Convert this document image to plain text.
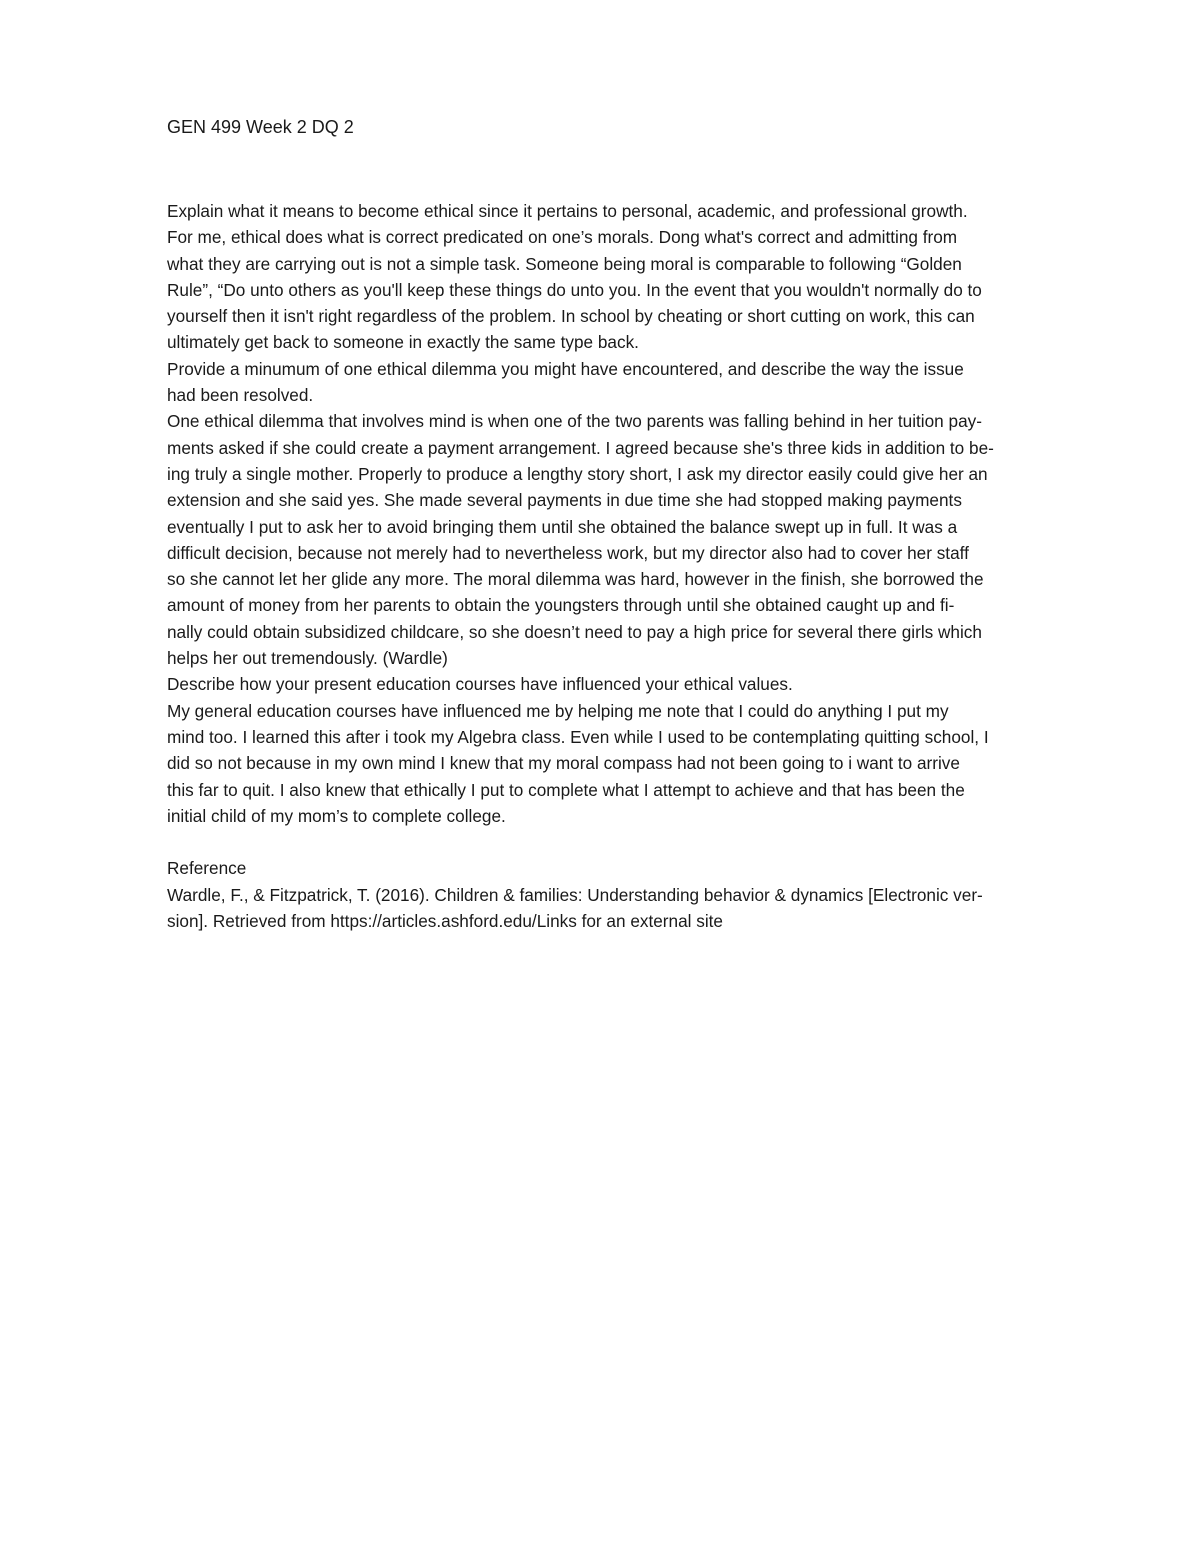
GEN 499 Week 2 DQ 2

Explain what it means to become ethical since it pertains to personal, academic, and professional growth.

For me, ethical does what is correct predicated on one’s morals. Dong what's correct and admitting from

what they are carrying out is not a simple task. Someone being moral is comparable to following “Golden

Rule”, “Do unto others as you'll keep these things do unto you. In the event that you wouldn't normally do to

yourself then it isn't right regardless of the problem. In school by cheating or short cutting on work, this can

ultimately get back to someone in exactly the same type back.

Provide a minumum of one ethical dilemma you might have encountered, and describe the way the issue

had been resolved.

One ethical dilemma that involves mind is when one of the two parents was falling behind in her tuition pay-

ments asked if she could create a payment arrangement. I agreed because she's three kids in addition to be-

ing truly a single mother. Properly to produce a lengthy story short, I ask my director easily could give her an

extension and she said yes. She made several payments in due time she had stopped making payments

eventually I put to ask her to avoid bringing them until she obtained the balance swept up in full. It was a

difficult decision, because not merely had to nevertheless work, but my director also had to cover her staff

so she cannot let her glide any more. The moral dilemma was hard, however in the finish, she borrowed the

amount of money from her parents to obtain the youngsters through until she obtained caught up and fi-

nally could obtain subsidized childcare, so she doesn’t need to pay a high price for several there girls which

helps her out tremendously. (Wardle)

Describe how your present education courses have influenced your ethical values.

My general education courses have influenced me by helping me note that I could do anything I put my

mind too. I learned this after i took my Algebra class. Even while I used to be contemplating quitting school, I

did so not because in my own mind I knew that my moral compass had not been going to i want to arrive

this far to quit. I also knew that ethically I put to complete what I attempt to achieve and that has been the

initial child of my mom’s to complete college.

Reference

Wardle, F., & Fitzpatrick, T. (2016). Children & families: Understanding behavior & dynamics [Electronic ver-

sion]. Retrieved from https://articles.ashford.edu/Links for an external site
